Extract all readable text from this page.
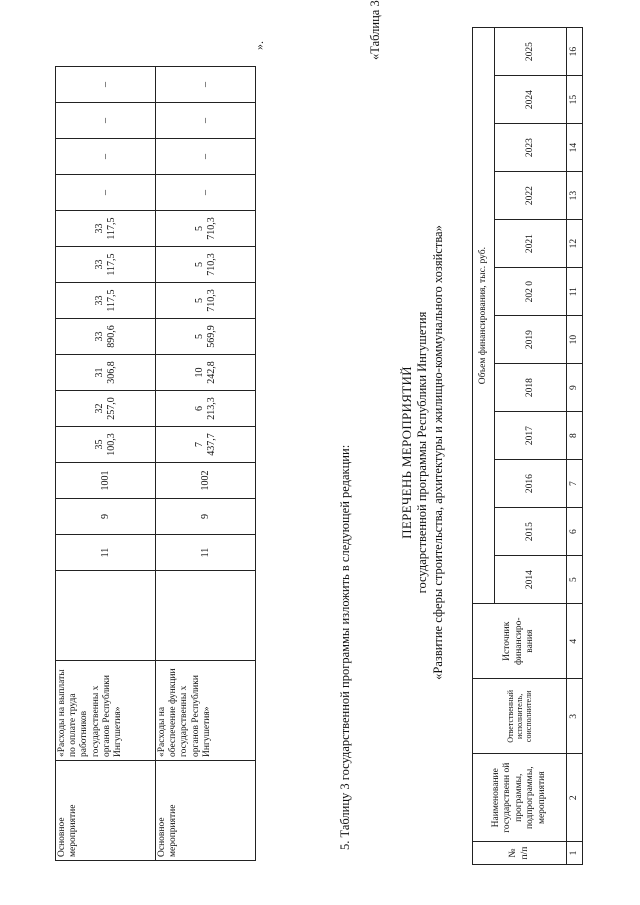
Основное мероприятие	«Расходы на выплаты по оплате труда работников государственны х органов Республики Ингушетия»		11	9	1001	35 100,3	32 257,0	31 306,8	33 890,6	33 117,5	33 117,5	33 117,5	–	–	–	–
Основное мероприятие	«Расходы на обеспечение функции государственны х органов Республики Ингушетия»		11	9	1002	7 437,7	6 213,3	10 242,8	5 569,9	5 710,3	5 710,3	5 710,3	–	–	–	–
».
5. Таблицу 3 государственной программы изложить в следующей редакции:
«Таблица 3
ПЕРЕЧЕНЬ МЕРОПРИЯТИЙ государственной программы Республики Ингушетия «Развитие сферы строительства, архитектуры и жилищно-коммунального хозяйства»
№ п/п	Наименование государственн ой программы, подпрограммы, мероприятия	Ответственный исполнитель, соисполнители	Источник финансиро- вания	Объем финансирования, тыс. руб.											
				2014	2015	2016	2017	2018	2019	202 0	2021	2022	2023	2024	2025
1	2	3	4	5	6	7	8	9	10	11	12	13	14	15	16
